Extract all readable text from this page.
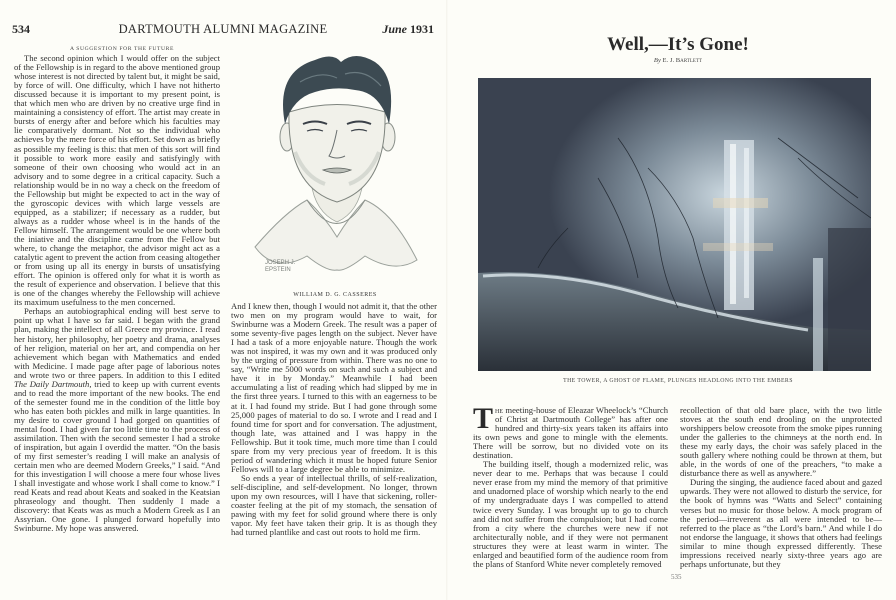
534	DARTMOUTH ALUMNI MAGAZINE	June 1931

A SUGGESTION FOR THE FUTURE

The second opinion which I would offer on the subject of the Fellowship is in regard to the above mentioned group whose interest is not directed by talent but, it might be said, by force of will. One difficulty, which I have not hitherto discussed because it is important to my present point, is that which men who are driven by no creative urge find in maintaining a consistency of effort. The artist may create in bursts of energy after and before which his faculties may lie comparatively dormant. Not so the individual who achieves by the mere force of his effort. Set down as briefly as possible my feeling is this: that men of this sort will find it possible to work more easily and satisfyingly with someone of their own choosing who would act in an advisory and to some degree in a critical capacity. Such a relationship would be in no way a check on the freedom of the Fellowship but might be expected to act in the way of the gyroscopic devices with which large vessels are equipped, as a stabilizer; if necessary as a rudder, but always as a rudder whose wheel is in the hands of the Fellow himself. The arrangement would be one where both the iniative and the discipline came from the Fellow but where, to change the metaphor, the advisor might act as a catalytic agent to prevent the action from ceasing altogether or from using up all its energy in bursts of unsatisfying effort. The opinion is offered only for what it is worth as the result of experience and observation. I believe that this is one of the changes whereby the Fellowship will achieve its maximum usefulness to the men concerned.

Perhaps an autobiographical ending will best serve to point up what I have so far said. I began with the grand plan, making the intellect of all Greece my province. I read her history, her philosophy, her poetry and drama, analyses of her religion, material on her art, and compendia on her achievement which began with Mathematics and ended with Medicine. I made page after page of laborious notes and wrote two or three papers. In addition to this I edited The Daily Dartmouth, tried to keep up with current events and to read the more important of the new books. The end of the semester found me in the condition of the little boy who has eaten both pickles and milk in large quantities. In my desire to cover ground I had gorged on quantities of mental food. I had given far too little time to the process of assimilation. Then with the second semester I had a stroke of inspiration, but again I overdid the matter. “On the basis of my first semester’s reading I will make an analysis of certain men who are deemed Modern Greeks,” I said. “And for this investigation I will choose a mere four whose lives I shall investigate and whose work I shall come to know.” I read Keats and read about Keats and soaked in the Keatsian phraseology and thought. Then suddenly I made a discovery: that Keats was as much a Modern Greek as I an Assyrian. One gone. I plunged forward hopefully into Swinburne. My hope was answered.

JOSEPH J.
EPSTEIN
WILLIAM D. G. CASSERES

And I knew then, though I would not admit it, that the other two men on my program would have to wait, for Swinburne was a Modern Greek. The result was a paper of some seventy-five pages length on the subject. Never have I had a task of a more enjoyable nature. Though the work was not inspired, it was my own and it was produced only by the urging of pressure from within. There was no one to say, “Write me 5000 words on such and such a subject and have it in by Monday.” Meanwhile I had been accumulating a list of reading which had slipped by me in the first three years. I turned to this with an eagerness to be at it. I had found my stride. But I had gone through some 25,000 pages of material to do so. I wrote and I read and I found time for sport and for conversation. The adjustment, though late, was attained and I was happy in the Fellowship. But it took time, much more time than I could spare from my very precious year of freedom. It is this period of wandering which it must be hoped future Senior Fellows will to a large degree be able to minimize.

So ends a year of intellectual thrills, of self-realization, self-discipline, and self-development. No longer, thrown upon my own resources, will I have that sickening, roller-coaster feeling at the pit of my stomach, the sensation of pawing with my feet for solid ground where there is only vapor. My feet have taken their grip. It is as though they had turned plantlike and cast out roots to hold me firm.

Well,—It’s Gone!
By E. J. Bartlett
THE TOWER, A GHOST OF FLAME, PLUNGES HEADLONG INTO THE EMBERS

The meeting-house of Eleazar Wheelock’s “Church of Christ at Dartmouth College” has after one hundred and thirty-six years taken its affairs into its own pews and gone to mingle with the elements. There will be sorrow, but no divided vote on its destination.

The building itself, though a modernized relic, was never dear to me. Perhaps that was because I could never erase from my mind the memory of that primitive and unadorned place of worship which nearly to the end of my undergraduate days I was compelled to attend twice every Sunday. I was brought up to go to church and did not suffer from the compulsion; but I had come from a city where the churches were new if not architecturally noble, and if they were not permanent structures they were at least warm in winter. The enlarged and beautified form of the audience room from the plans of Stanford White never completely removed

recollection of that old bare place, with the two little stoves at the south end drooling on the unprotected worshippers below creosote from the smoke pipes running under the galleries to the chimneys at the north end. In these my early days, the choir was safely placed in the south gallery where nothing could be thrown at them, but able, in the words of one of the preachers, “to make a disturbance there as well as anywhere.”

During the singing, the audience faced about and gazed upwards. They were not allowed to disturb the service, for the book of hymns was “Watts and Select” containing verses but no music for those below. A mock program of the period—irreverent as all were intended to be—referred to the place as “the Lord’s barn.” And while I do not endorse the language, it shows that others had feelings similar to mine though expressed differently. These impressions received nearly sixty-three years ago are perhaps unfortunate, but they

535
